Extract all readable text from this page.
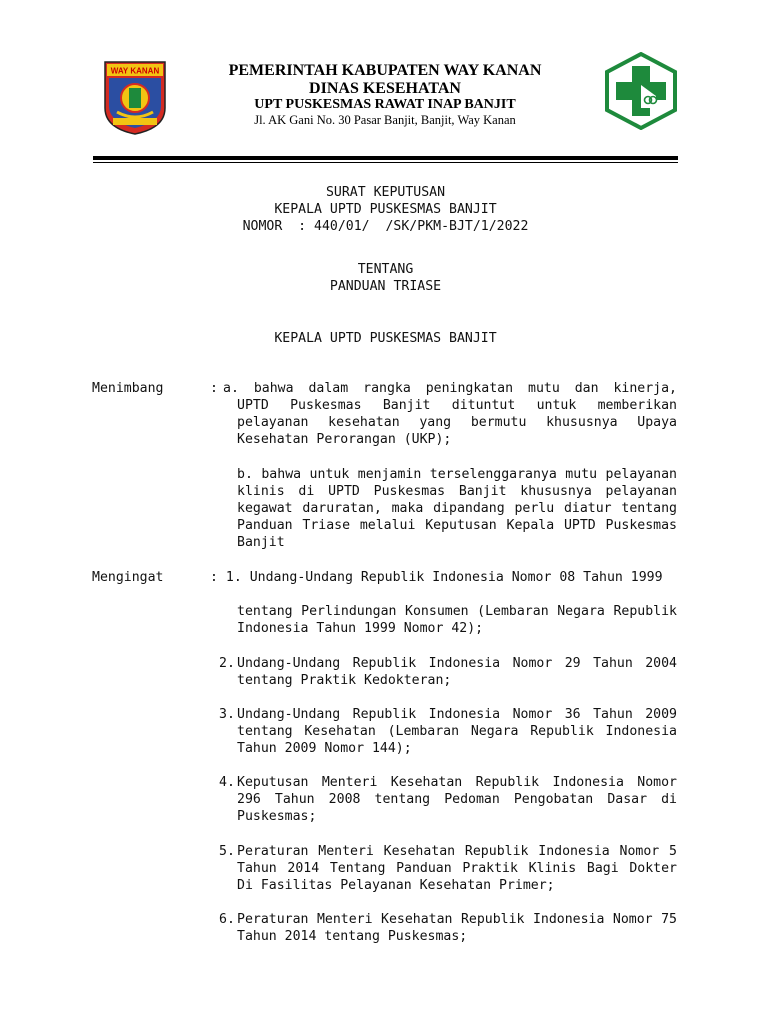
WAY KANAN	PEMERINTAH KABUPATEN WAY KANAN
DINAS KESEHATAN
UPT PUSKESMAS RAWAT INAP BANJIT
Jl. AK Gani No. 30 Pasar Banjit, Banjit, Way Kanan
SURAT KEPUTUSAN
KEPALA UPTD PUSKESMAS BANJIT
NOMOR  : 440/01/  /SK/PKM-BJT/1/2022
TENTANG
PANDUAN TRIASE
KEPALA UPTD PUSKESMAS BANJIT
Menimbang	: a. bahwa dalam rangka peningkatan mutu dan kinerja,
UPTD Puskesmas Banjit dituntut untuk memberikan pelayanan kesehatan yang bermutu khususnya Upaya Kesehatan Perorangan (UKP);
b. bahwa untuk menjamin terselenggaranya mutu pelayanan klinis di UPTD Puskesmas Banjit khususnya pelayanan kegawat daruratan, maka dipandang perlu diatur tentang Panduan Triase melalui Keputusan Kepala UPTD Puskesmas Banjit
Mengingat	: 1. Undang-Undang Republik Indonesia Nomor 08 Tahun 1999
tentang Perlindungan Konsumen (Lembaran Negara Republik Indonesia Tahun 1999 Nomor 42);
2. Undang-Undang Republik Indonesia Nomor 29 Tahun 2004 tentang Praktik Kedokteran;
3. Undang-Undang Republik Indonesia Nomor 36 Tahun 2009 tentang Kesehatan (Lembaran Negara Republik Indonesia Tahun 2009 Nomor 144);
4. Keputusan Menteri Kesehatan Republik Indonesia Nomor 296 Tahun 2008 tentang Pedoman Pengobatan Dasar di Puskesmas;
5. Peraturan Menteri Kesehatan Republik Indonesia Nomor 5 Tahun 2014 Tentang Panduan Praktik Klinis Bagi Dokter Di Fasilitas Pelayanan Kesehatan Primer;
6. Peraturan Menteri Kesehatan Republik Indonesia Nomor 75 Tahun 2014 tentang Puskesmas;
